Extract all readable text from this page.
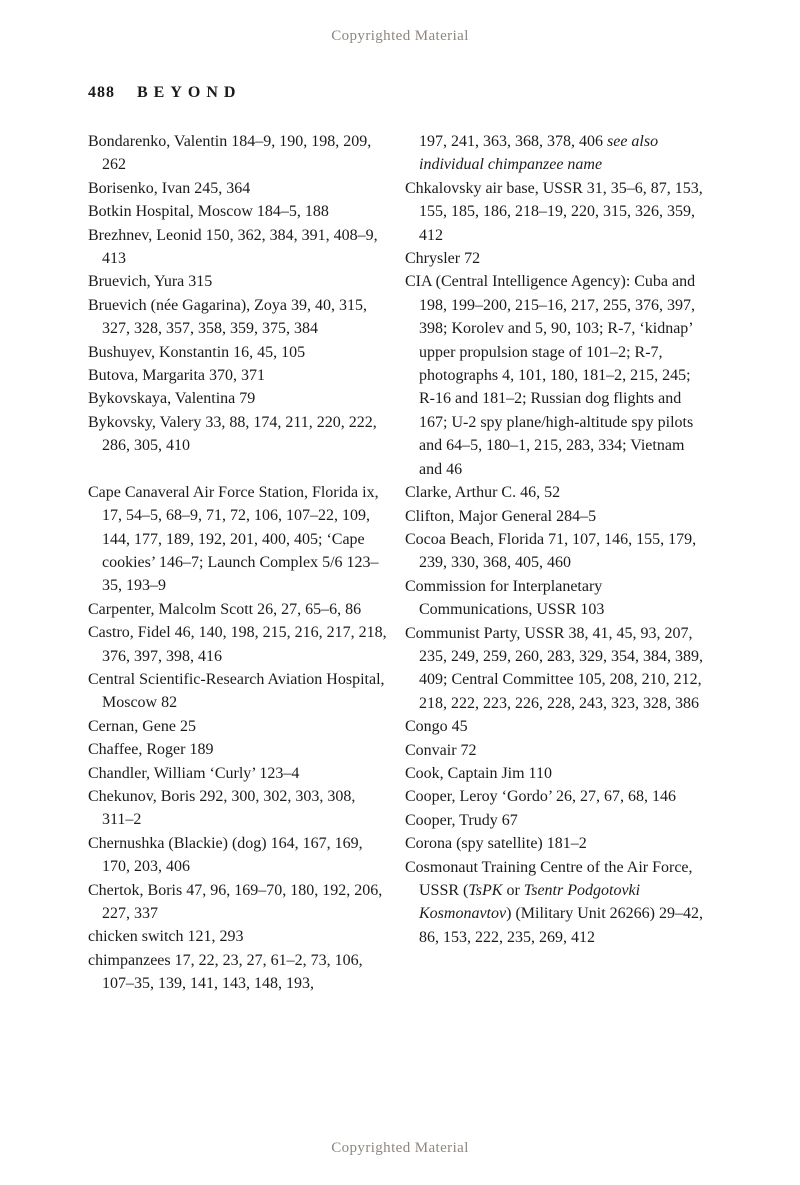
Copyrighted Material
488 BEYOND
Bondarenko, Valentin 184–9, 190, 198, 209, 262
Borisenko, Ivan 245, 364
Botkin Hospital, Moscow 184–5, 188
Brezhnev, Leonid 150, 362, 384, 391, 408–9, 413
Bruevich, Yura 315
Bruevich (née Gagarina), Zoya 39, 40, 315, 327, 328, 357, 358, 359, 375, 384
Bushuyev, Konstantin 16, 45, 105
Butova, Margarita 370, 371
Bykovskaya, Valentina 79
Bykovsky, Valery 33, 88, 174, 211, 220, 222, 286, 305, 410
Cape Canaveral Air Force Station, Florida ix, 17, 54–5, 68–9, 71, 72, 106, 107–22, 109, 144, 177, 189, 192, 201, 400, 405; ‘Cape cookies’ 146–7; Launch Complex 5/6 123–35, 193–9
Carpenter, Malcolm Scott 26, 27, 65–6, 86
Castro, Fidel 46, 140, 198, 215, 216, 217, 218, 376, 397, 398, 416
Central Scientific-Research Aviation Hospital, Moscow 82
Cernan, Gene 25
Chaffee, Roger 189
Chandler, William ‘Curly’ 123–4
Chekunov, Boris 292, 300, 302, 303, 308, 311–2
Chernushka (Blackie) (dog) 164, 167, 169, 170, 203, 406
Chertok, Boris 47, 96, 169–70, 180, 192, 206, 227, 337
chicken switch 121, 293
chimpanzees 17, 22, 23, 27, 61–2, 73, 106, 107–35, 139, 141, 143, 148, 193,
197, 241, 363, 368, 378, 406 see also individual chimpanzee name
Chkalovsky air base, USSR 31, 35–6, 87, 153, 155, 185, 186, 218–19, 220, 315, 326, 359, 412
Chrysler 72
CIA (Central Intelligence Agency): Cuba and 198, 199–200, 215–16, 217, 255, 376, 397, 398; Korolev and 5, 90, 103; R-7, ‘kidnap’ upper propulsion stage of 101–2; R-7, photographs 4, 101, 180, 181–2, 215, 245; R-16 and 181–2; Russian dog flights and 167; U-2 spy plane/high-altitude spy pilots and 64–5, 180–1, 215, 283, 334; Vietnam and 46
Clarke, Arthur C. 46, 52
Clifton, Major General 284–5
Cocoa Beach, Florida 71, 107, 146, 155, 179, 239, 330, 368, 405, 460
Commission for Interplanetary Communications, USSR 103
Communist Party, USSR 38, 41, 45, 93, 207, 235, 249, 259, 260, 283, 329, 354, 384, 389, 409; Central Committee 105, 208, 210, 212, 218, 222, 223, 226, 228, 243, 323, 328, 386
Congo 45
Convair 72
Cook, Captain Jim 110
Cooper, Leroy ‘Gordo’ 26, 27, 67, 68, 146
Cooper, Trudy 67
Corona (spy satellite) 181–2
Cosmonaut Training Centre of the Air Force, USSR (TsPK or Tsentr Podgotovki Kosmonavtov) (Military Unit 26266) 29–42, 86, 153, 222, 235, 269, 412
Copyrighted Material
